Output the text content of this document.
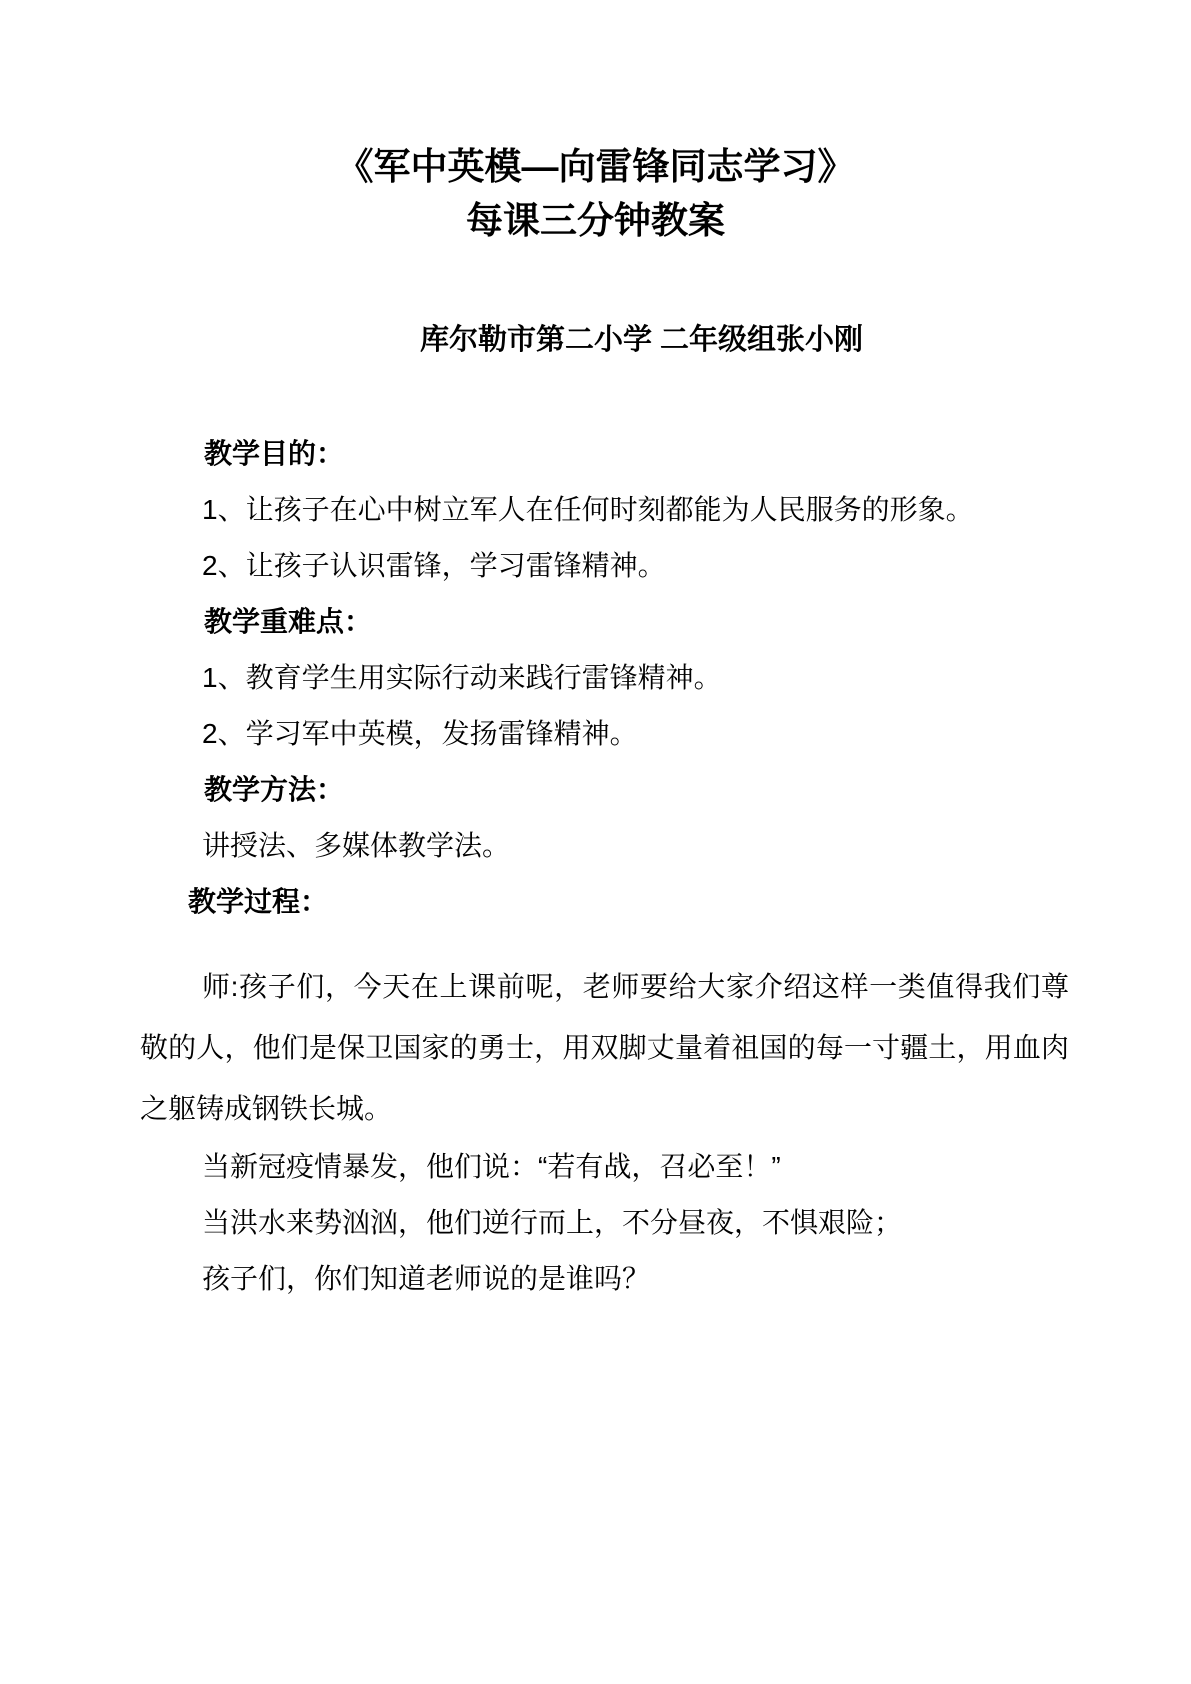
《军中英模—向雷锋同志学习》
每课三分钟教案
库尔勒市第二小学 二年级组张小刚
教学目的：

1、让孩子在心中树立军人在任何时刻都能为人民服务的形象。

2、让孩子认识雷锋，学习雷锋精神。

教学重难点：

1、教育学生用实际行动来践行雷锋精神。

2、学习军中英模，发扬雷锋精神。

教学方法：

讲授法、多媒体教学法。

教学过程：

师:孩子们，今天在上课前呢，老师要给大家介绍这样一类值得我们尊敬的人，他们是保卫国家的勇士，用双脚丈量着祖国的每一寸疆土，用血肉之躯铸成钢铁长城。

当新冠疫情暴发，他们说：“若有战，召必至！”

当洪水来势汹汹，他们逆行而上，不分昼夜，不惧艰险；

孩子们，你们知道老师说的是谁吗？
